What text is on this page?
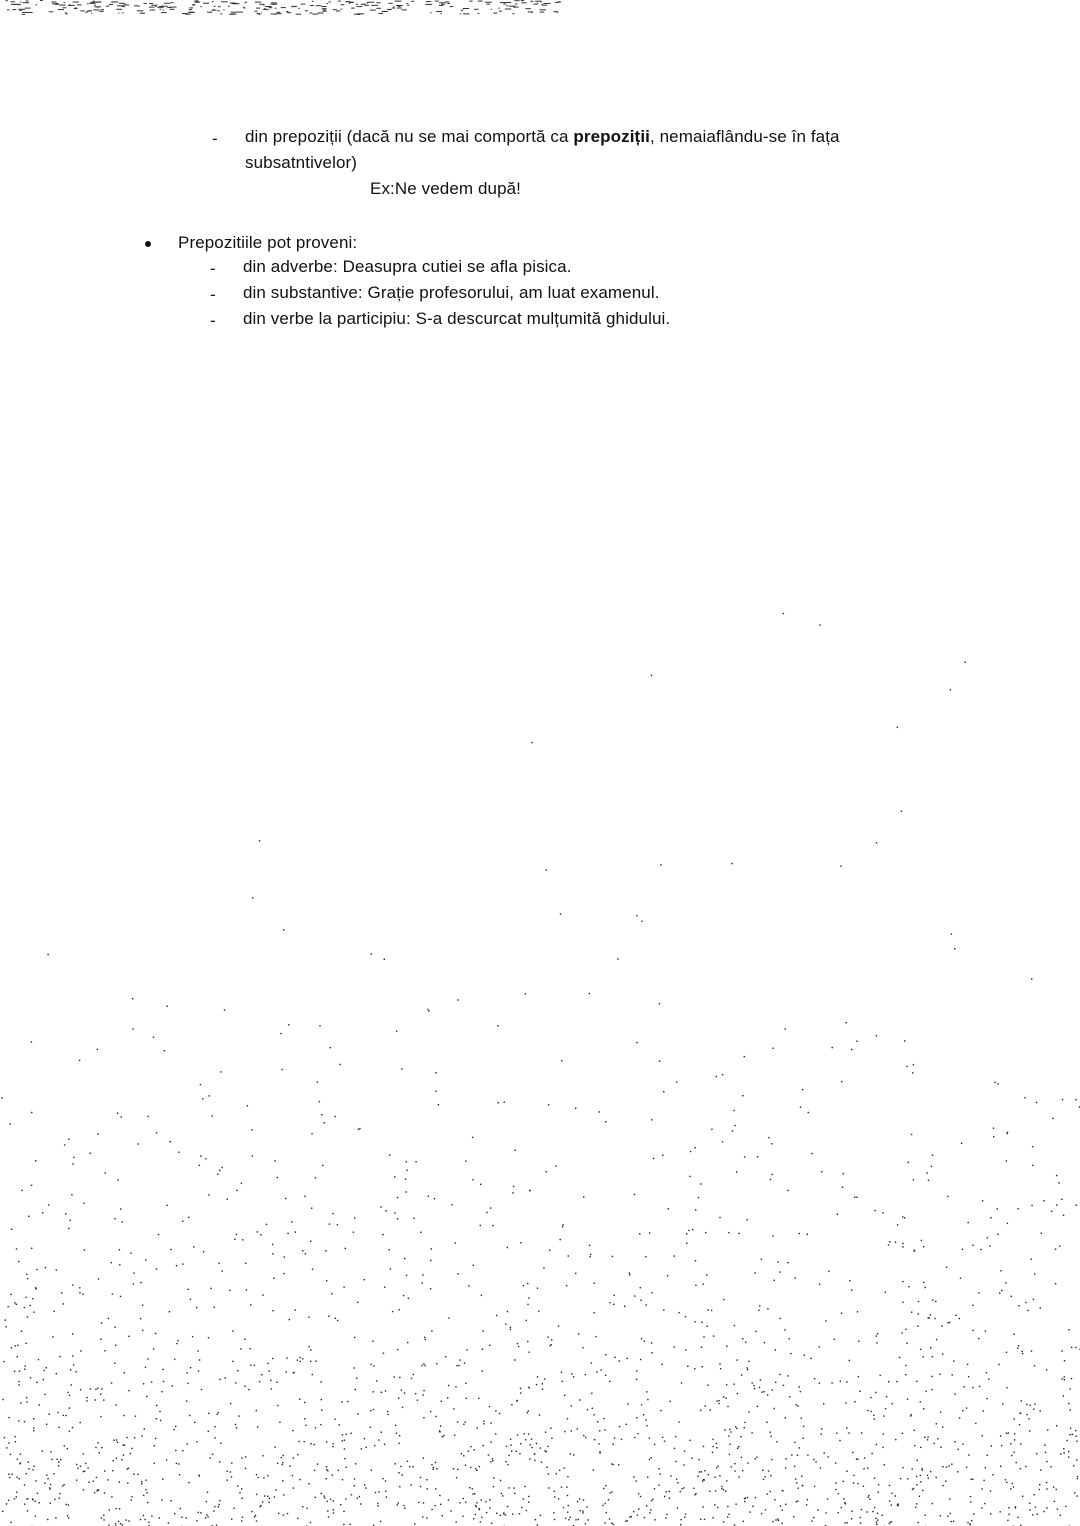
- din prepoziții (dacă nu se mai comportă ca prepoziții, nemaiaflându-se în fața
subsatntivelor)
Ex:Ne vedem după!
Prepozitiile pot proveni:
- din adverbe: Deasupra cutiei se afla pisica.
- din substantive: Grație profesorului, am luat examenul.
- din verbe la participiu: S-a descurcat mulțumită ghidului.
